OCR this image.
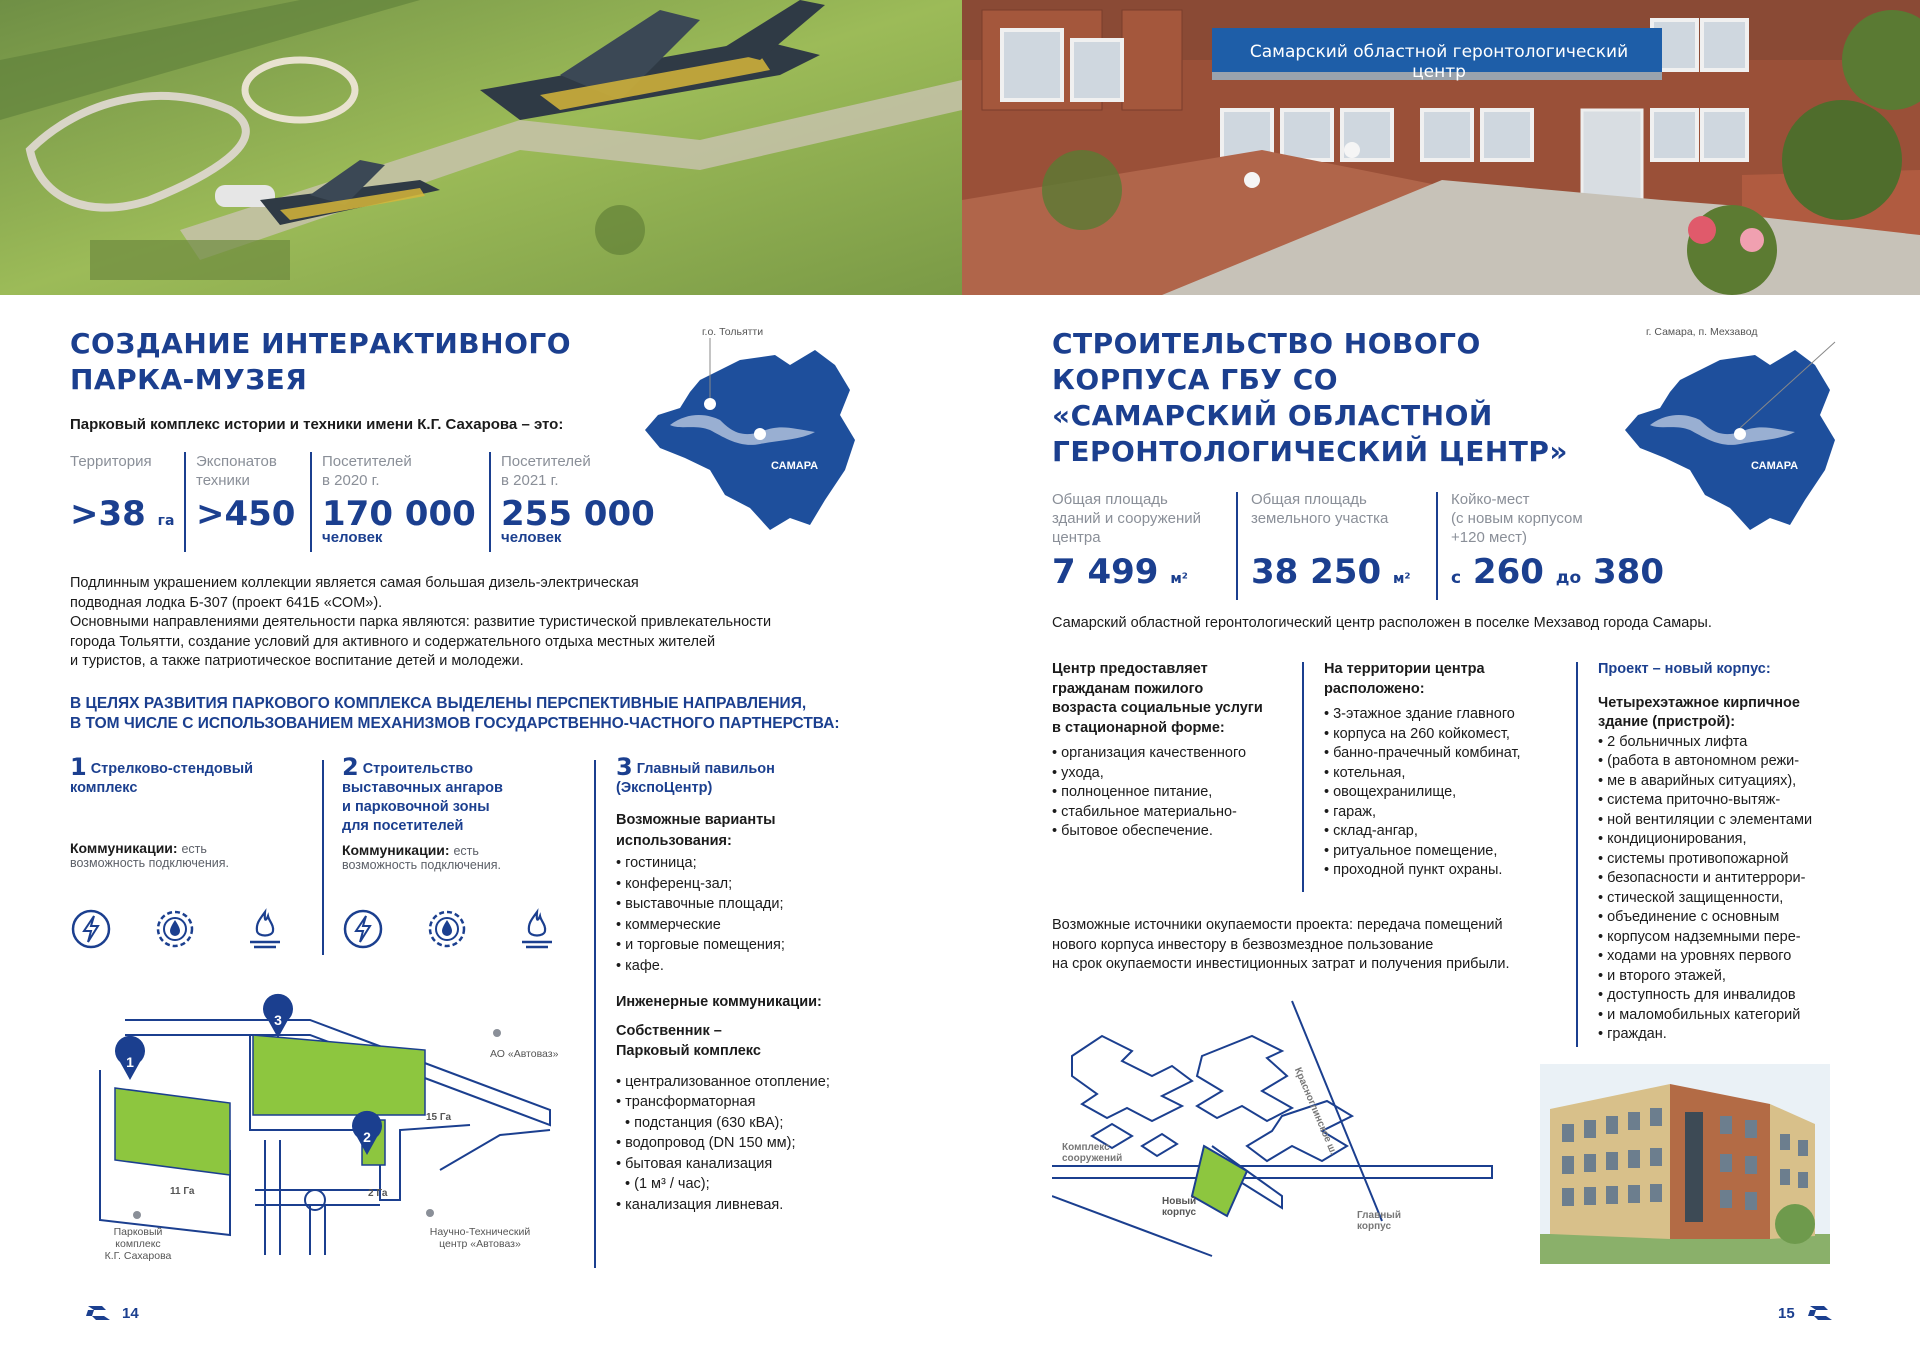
Самарский областной геронтологический центр
СОЗДАНИЕ ИНТЕРАКТИВНОГО
ПАРКА-МУЗЕЯ
г.о. Тольятти
САМАРА
Парковый комплекс истории и техники имени К.Г. Сахарова – это:
Территория
>38 га
Экспонатов
техники
>450
Посетителей
в 2020 г.
170 000
человек
Посетителей
в 2021 г.
255 000
человек
Подлинным украшением коллекции является самая большая дизель-электрическая
подводная лодка Б-307 (проект 641Б «СОМ»).
Основными направлениями деятельности парка являются: развитие туристической привлекательности
города Тольятти, создание условий для активного и содержательного отдыха местных жителей
и туристов, а также патриотическое воспитание детей и молодежи.
В ЦЕЛЯХ РАЗВИТИЯ ПАРКОВОГО КОМПЛЕКСА ВЫДЕЛЕНЫ ПЕРСПЕКТИВНЫЕ НАПРАВЛЕНИЯ,
В ТОМ ЧИСЛЕ С ИСПОЛЬЗОВАНИЕМ МЕХАНИЗМОВ ГОСУДАРСТВЕННО-ЧАСТНОГО ПАРТНЕРСТВА:
1 Стрелково-стендовый
комплекс
Коммуникации: есть
возможность подключения.
2 Строительство
выставочных ангаров
и парковочной зоны
для посетителей
Коммуникации: есть
возможность подключения.
3 Главный павильон
(ЭкспоЦентр)
Возможные варианты
использования:
• гостиница;
• конференц-зал;
• выставочные площади;
• коммерческие
• и торговые помещения;
• кафе.
Инженерные коммуникации:
Собственник –
Парковый комплекс
• централизованное отопление;
• трансформаторная
• подстанция (630 кВА);
• водопровод (DN 150 мм);
• бытовая канализация
• (1 м³ / час);
• канализация ливневая.
1
3
2
15 Га
11 Га	2 Га
АО «Автоваз»
Парковый
комплекс
К.Г. Сахарова
Научно-Технический
центр «Автоваз»
14
СТРОИТЕЛЬСТВО НОВОГО
КОРПУСА ГБУ СО
«САМАРСКИЙ ОБЛАСТНОЙ
ГЕРОНТОЛОГИЧЕСКИЙ ЦЕНТР»
г. Самара, п. Мехзавод
САМАРА
Общая площадь
зданий и сооружений
центра
7 499 м²
Общая площадь
земельного участка
38 250 м²
Койко-мест
(с новым корпусом
+120 мест)
с 260 до 380
Самарский областной геронтологический центр расположен в поселке Мехзавод города Самары.
Центр предоставляет
гражданам пожилого
возраста социальные услуги
в стационарной форме:
• организация качественного
• ухода,
• полноценное питание,
• стабильное материально-
• бытовое обеспечение.
На территории центра
расположено:
• 3-этажное здание главного
• корпуса на 260 койкомест,
• банно-прачечный комбинат,
• котельная,
• овощехранилище,
• гараж,
• склад-ангар,
• ритуальное помещение,
• проходной пункт охраны.
Проект – новый корпус:
Четырехэтажное кирпичное
здание (пристрой):
• 2 больничных лифта
• (работа в автономном режи-
• ме в аварийных ситуациях),
• система приточно-вытяж-
• ной вентиляции с элементами
• кондиционирования,
• системы противопожарной
• безопасности и антитеррори-
• стической защищенности,
• объединение с основным
• корпусом надземными пере-
• ходами на уровнях первого
• и второго этажей,
• доступность для инвалидов
• и маломобильных категорий
• граждан.
Возможные источники окупаемости проекта: передача помещений
нового корпуса инвестору в безвозмездное пользование
на срок окупаемости инвестиционных затрат и получения прибыли.
Красноглинское ш.
Комплекс
сооружений
Новый
корпус	Главный
корпус
15
